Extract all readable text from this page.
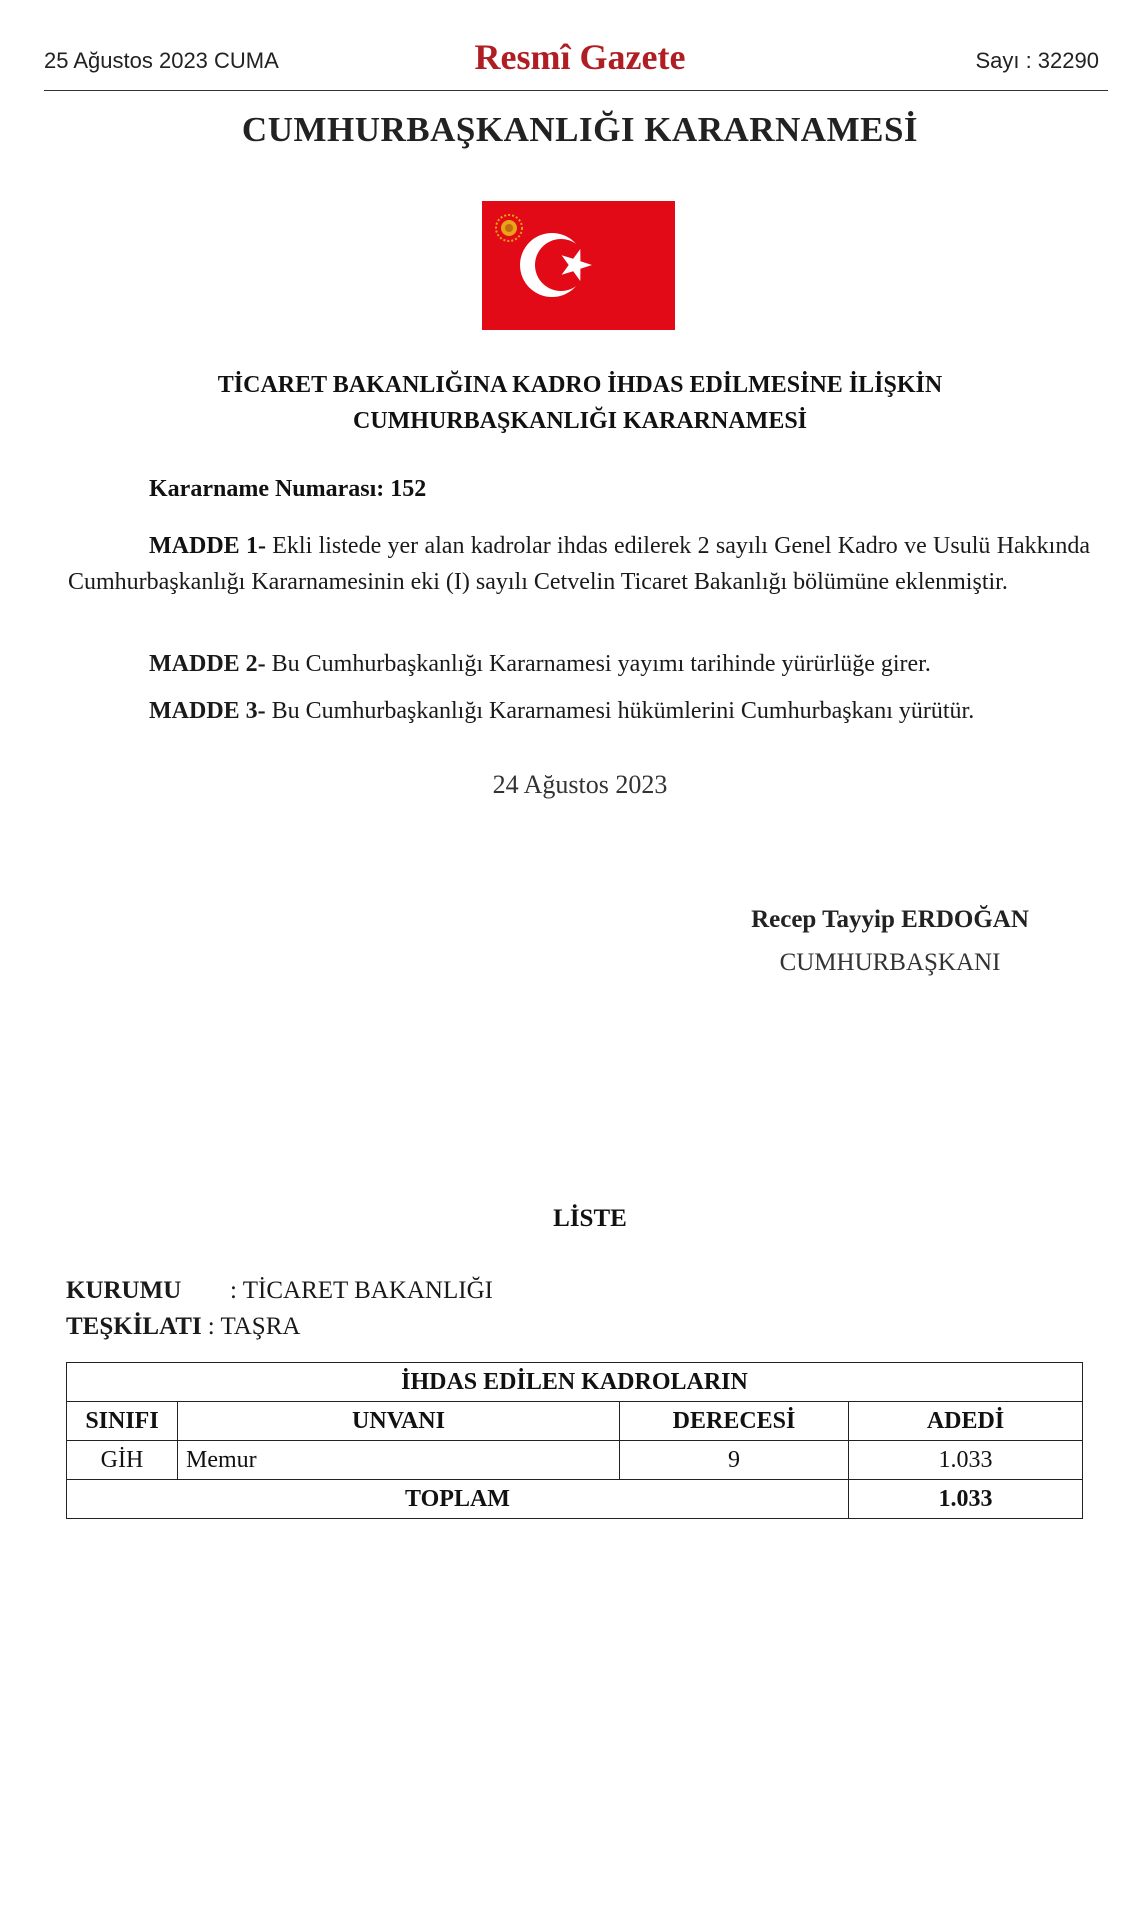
25 Ağustos 2023 CUMA	Resmî Gazete	Sayı : 32290
CUMHURBAŞKANLIĞI KARARNAMESİ
TİCARET BAKANLIĞINA KADRO İHDAS EDİLMESİNE İLİŞKİN
CUMHURBAŞKANLIĞI KARARNAMESİ
Kararname Numarası: 152
MADDE 1- Ekli listede yer alan kadrolar ihdas edilerek 2 sayılı Genel Kadro ve Usulü Hakkında Cumhurbaşkanlığı Kararnamesinin eki (I) sayılı Cetvelin Ticaret Bakanlığı bölümüne eklenmiştir.
MADDE 2- Bu Cumhurbaşkanlığı Kararnamesi yayımı tarihinde yürürlüğe girer.
MADDE 3- Bu Cumhurbaşkanlığı Kararnamesi hükümlerini Cumhurbaşkanı yürütür.
24 Ağustos 2023
Recep Tayyip ERDOĞAN
CUMHURBAŞKANI
LİSTE
KURUMU : TİCARET BAKANLIĞI
TEŞKİLATI : TAŞRA
İHDAS EDİLEN KADROLARIN			
SINIFI	UNVANI	DERECESİ	ADEDİ
GİH	Memur	9	1.033
TOPLAM			1.033
